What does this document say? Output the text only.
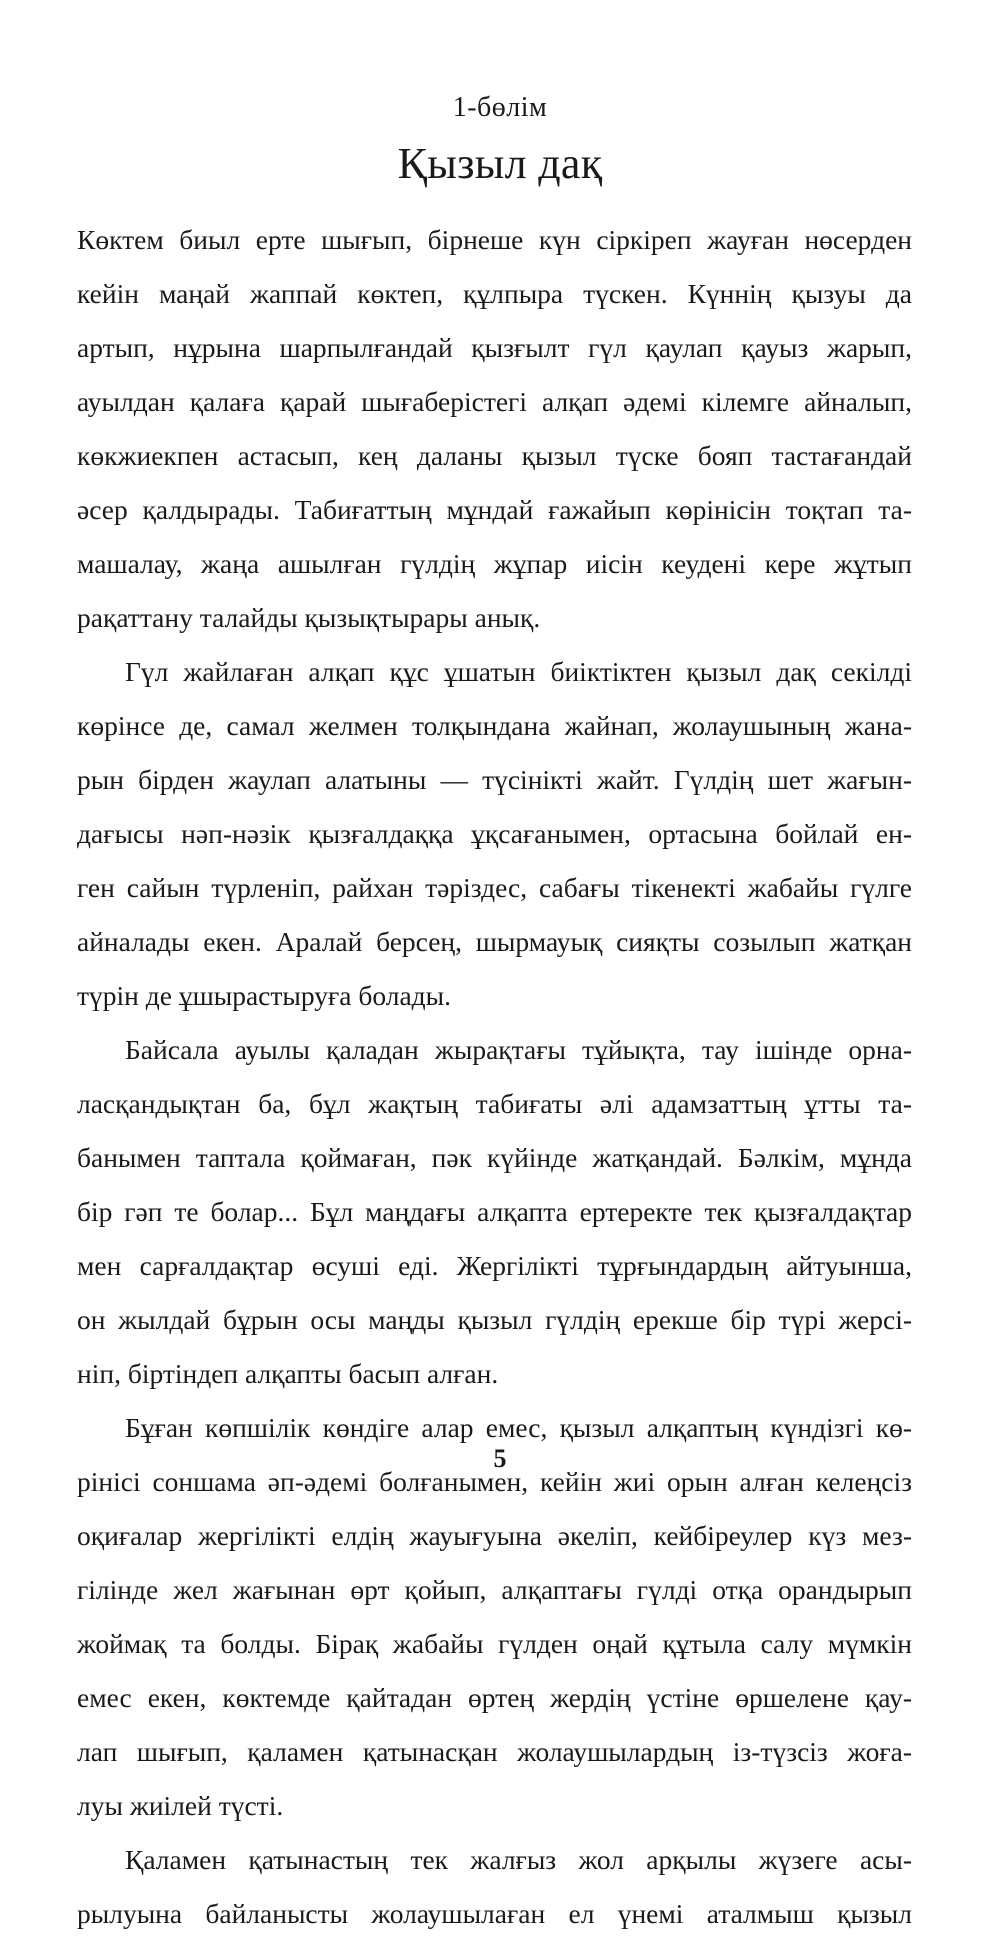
1-бөлім
Қызыл дақ
Көктем биыл ерте шығып, бірнеше күн сіркіреп жауған нөсерден
кейін маңай жаппай көктеп, құлпыра түскен. Күннің қызуы да
артып, нұрына шарпылғандай қызғылт гүл қаулап қауыз жарып,
ауылдан қалаға қарай шығаберістегі алқап әдемі кілемге айналып,
көкжиекпен астасып, кең даланы қызыл түске бояп тастағандай
әсер қалдырады. Табиғаттың мұндай ғажайып көрінісін тоқтап та-
машалау, жаңа ашылған гүлдің жұпар иісін кеудені кере жұтып
рақаттану талайды қызықтырары анық.
Гүл жайлаған алқап құс ұшатын биіктіктен қызыл дақ секілді
көрінсе де, самал желмен толқындана жайнап, жолаушының жана-
рын бірден жаулап алатыны — түсінікті жайт. Гүлдің шет жағын-
дағысы нәп-нәзік қызғалдаққа ұқсағанымен, ортасына бойлай ен-
ген сайын түрленіп, райхан тәріздес, сабағы тікенекті жабайы гүлге
айналады екен. Аралай берсең, шырмауық сияқты созылып жатқан
түрін де ұшырастыруға болады.
Байсала ауылы қаладан жырақтағы тұйықта, тау ішінде орна-
ласқандықтан ба, бұл жақтың табиғаты әлі адамзаттың ұтты та-
банымен таптала қоймаған, пәк күйінде жатқандай. Бәлкім, мұнда
бір гәп те болар... Бұл маңдағы алқапта ертеректе тек қызғалдақтар
мен сарғалдақтар өсуші еді. Жергілікті тұрғындардың айтуынша,
он жылдай бұрын осы маңды қызыл гүлдің ерекше бір түрі жерсі-
ніп, біртіндеп алқапты басып алған.
Бұған көпшілік көндіге алар емес, қызыл алқаптың күндізгі кө-
рінісі соншама әп-әдемі болғанымен, кейін жиі орын алған келеңсіз
оқиғалар жергілікті елдің жауығуына әкеліп, кейбіреулер күз мез-
гілінде жел жағынан өрт қойып, алқаптағы гүлді отқа орандырып
жоймақ та болды. Бірақ жабайы гүлден оңай құтыла салу мүмкін
емес екен, көктемде қайтадан өртең жердің үстіне өршелене қау-
лап шығып, қаламен қатынасқан жолаушылардың із-түзсіз жоға-
луы жиілей түсті.
Қаламен қатынастың тек жалғыз жол арқылы жүзеге асы-
рылуына байланысты жолаушылаған ел үнемі аталмыш қызыл
5
